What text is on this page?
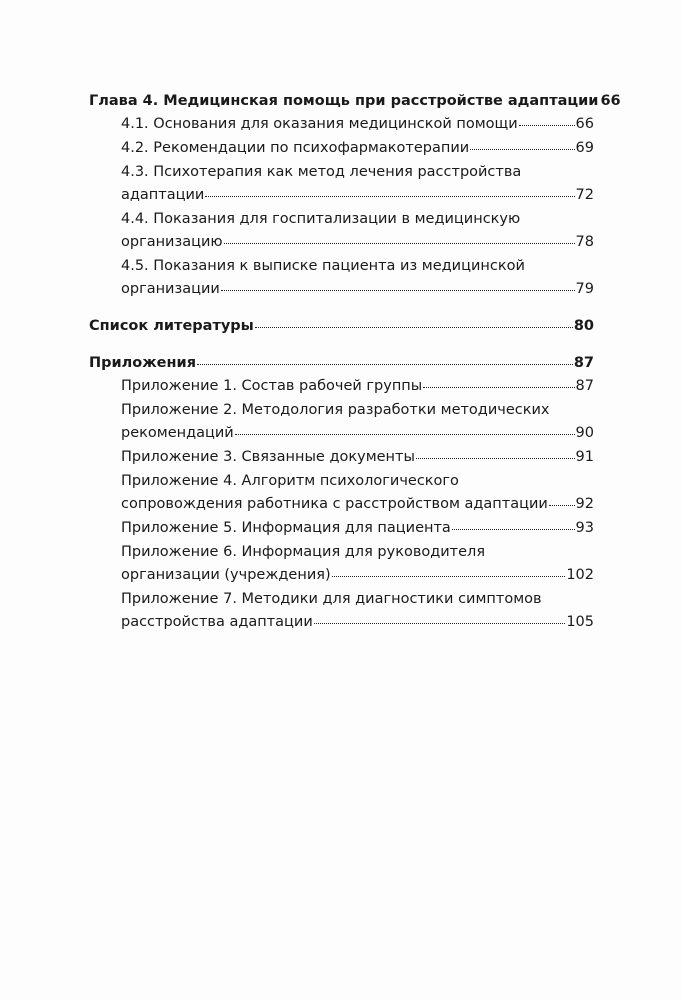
Глава 4. Медицинская помощь при расстройстве адаптации 66
4.1. Основания для оказания медицинской помощи	66
4.2. Рекомендации по психофармакотерапии	69
4.3. Психотерапия как метод лечения расстройства
адаптации	72
4.4. Показания для госпитализации в медицинскую
организацию	78
4.5. Показания к выписке пациента из медицинской
организации	79
Список литературы	80
Приложения	87
Приложение 1. Состав рабочей группы	87
Приложение 2. Методология разработки методических
рекомендаций	90
Приложение 3. Связанные документы	91
Приложение 4. Алгоритм психологического
сопровождения работника с расстройством адаптации 92
Приложение 5. Информация для пациента	93
Приложение 6. Информация для руководителя
организации (учреждения)	102
Приложение 7. Методики для диагностики симптомов
расстройства адаптации	105
